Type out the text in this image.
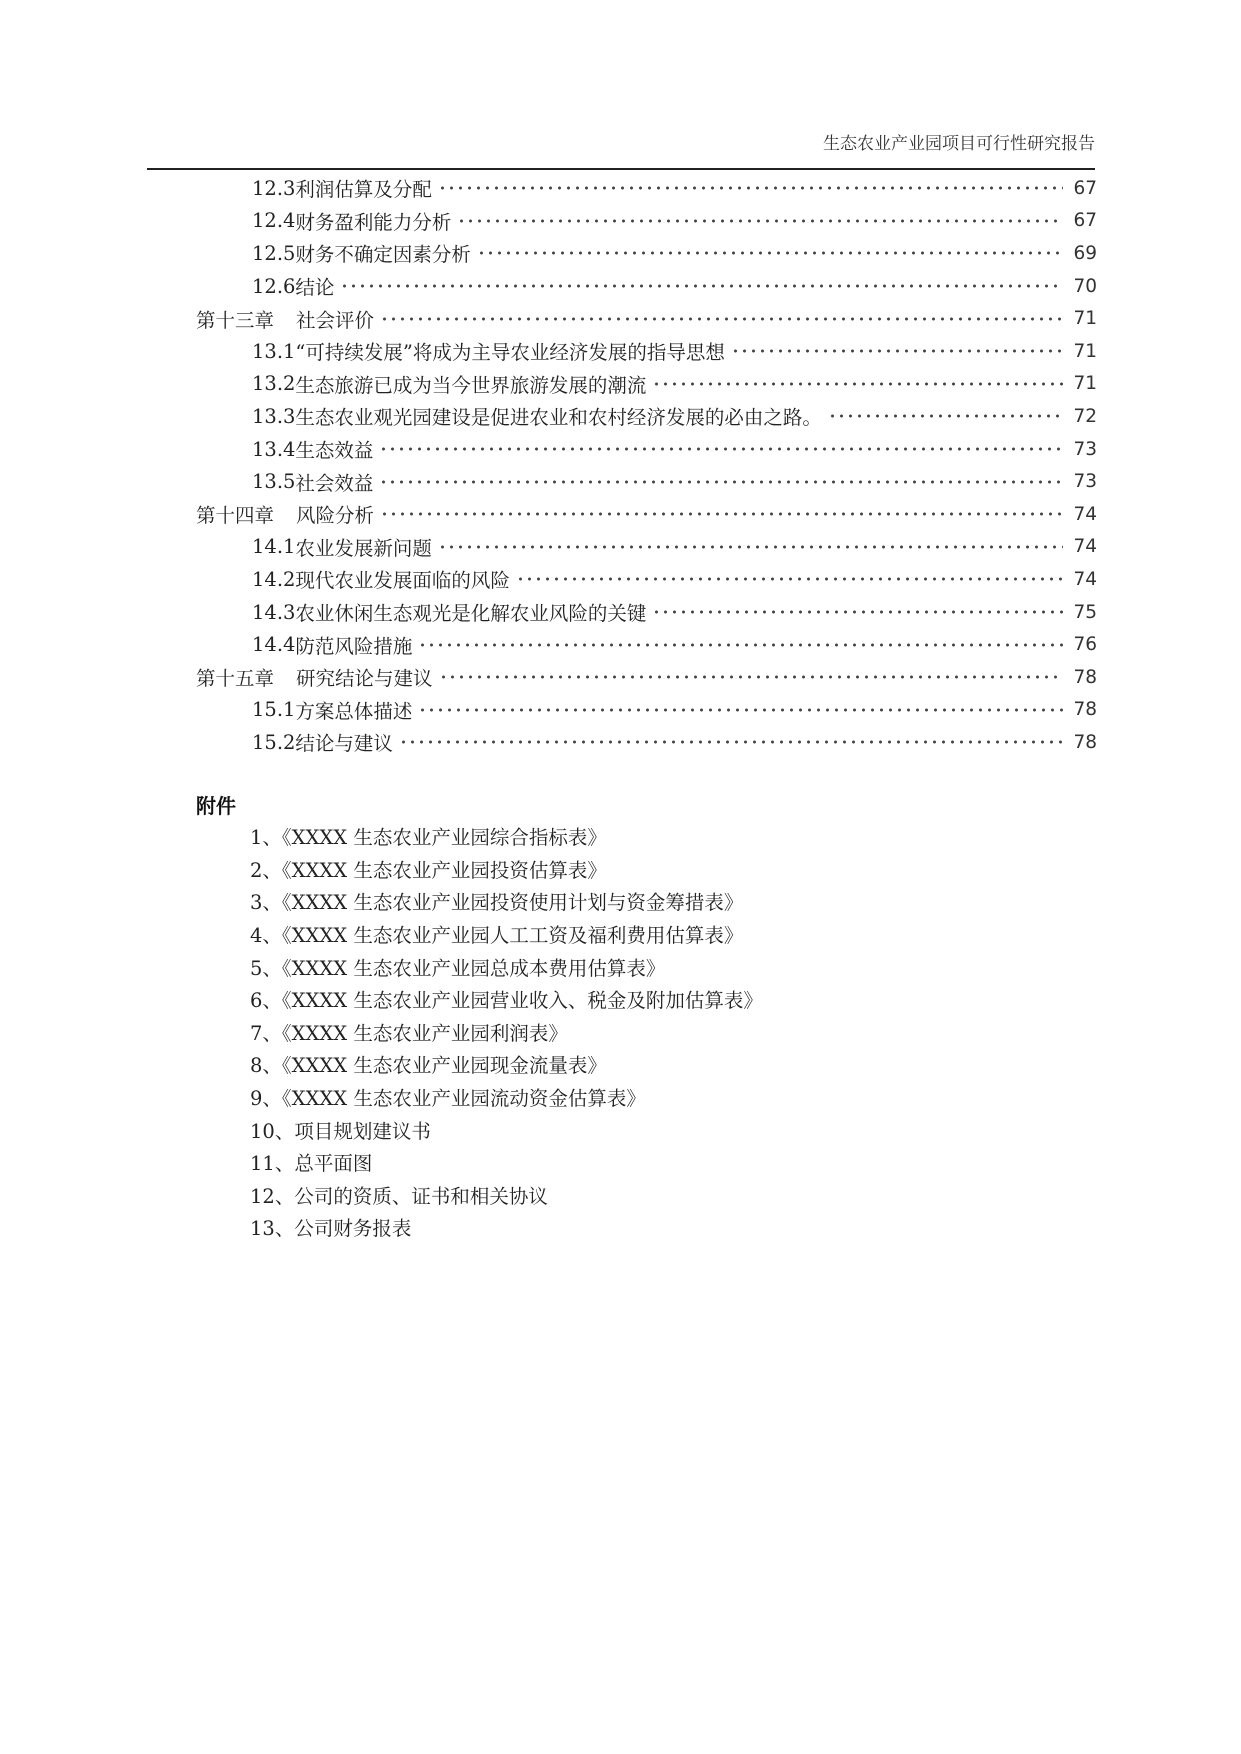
生态农业产业园项目可行性研究报告
12.3 利润估算及分配	67
12.4 财务盈利能力分析	67
12.5 财务不确定因素分析	69
12.6 结论	70
第十三章 社会评价	71
13.1 “可持续发展”将成为主导农业经济发展的指导思想	71
13.2 生态旅游已成为当今世界旅游发展的潮流	71
13.3 生态农业观光园建设是促进农业和农村经济发展的必由之路。	72
13.4 生态效益	73
13.5 社会效益	73
第十四章 风险分析	74
14.1 农业发展新问题	74
14.2 现代农业发展面临的风险	74
14.3 农业休闲生态观光是化解农业风险的关键	75
14.4 防范风险措施	76
第十五章 研究结论与建议	78
15.1 方案总体描述	78
15.2 结论与建议	78
附件
1、《XXXX 生态农业产业园综合指标表》
2、《XXXX 生态农业产业园投资估算表》
3、《XXXX 生态农业产业园投资使用计划与资金筹措表》
4、《XXXX 生态农业产业园人工工资及福利费用估算表》
5、《XXXX 生态农业产业园总成本费用估算表》
6、《XXXX 生态农业产业园营业收入、税金及附加估算表》
7、《XXXX 生态农业产业园利润表》
8、《XXXX 生态农业产业园现金流量表》
9、《XXXX 生态农业产业园流动资金估算表》
10、项目规划建议书
11、总平面图
12、公司的资质、证书和相关协议
13、公司财务报表
